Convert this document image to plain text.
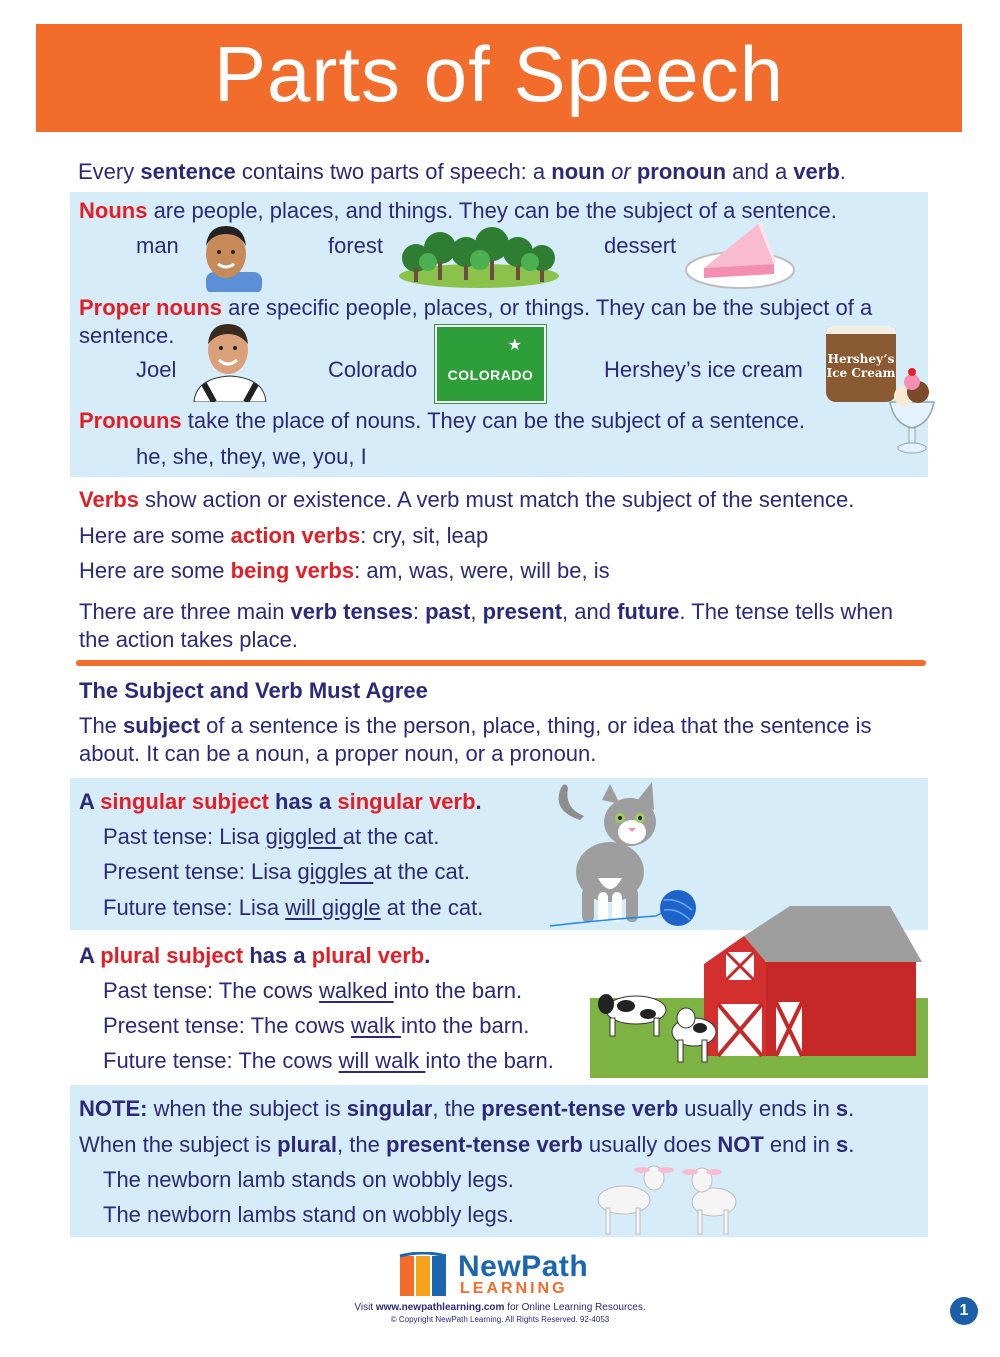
Parts of Speech
Every sentence contains two parts of speech: a noun or pronoun and a verb.
Nouns are people, places, and things. They can be the subject of a sentence.
man	forest	dessert
Proper nouns are specific people, places, or things. They can be the subject of a sentence.
Joel	Colorado	Hershey’s ice cream
★
COLORADO
Hershey’s
Ice Cream
Pronouns take the place of nouns. They can be the subject of a sentence.
he, she, they, we, you, I
Verbs show action or existence. A verb must match the subject of the sentence.
Here are some action verbs: cry, sit, leap
Here are some being verbs: am, was, were, will be, is
There are three main verb tenses: past, present, and future. The tense tells when the action takes place.
The Subject and Verb Must Agree
The subject of a sentence is the person, place, thing, or idea that the sentence is about. It can be a noun, a proper noun, or a pronoun.
A singular subject has a singular verb.
Past tense: Lisa giggled at the cat.
Present tense: Lisa giggles at the cat.
Future tense: Lisa will giggle at the cat.
A plural subject has a plural verb.
Past tense: The cows walked into the barn.
Present tense: The cows walk into the barn.
Future tense: The cows will walk into the barn.
NOTE: when the subject is singular, the present-tense verb usually ends in s.
When the subject is plural, the present-tense verb usually does NOT end in s.
The newborn lamb stands on wobbly legs.
The newborn lambs stand on wobbly legs.
NewPath
LEARNING
Visit www.newpathlearning.com for Online Learning Resources.
© Copyright NewPath Learning. All Rights Reserved. 92-4053
1
